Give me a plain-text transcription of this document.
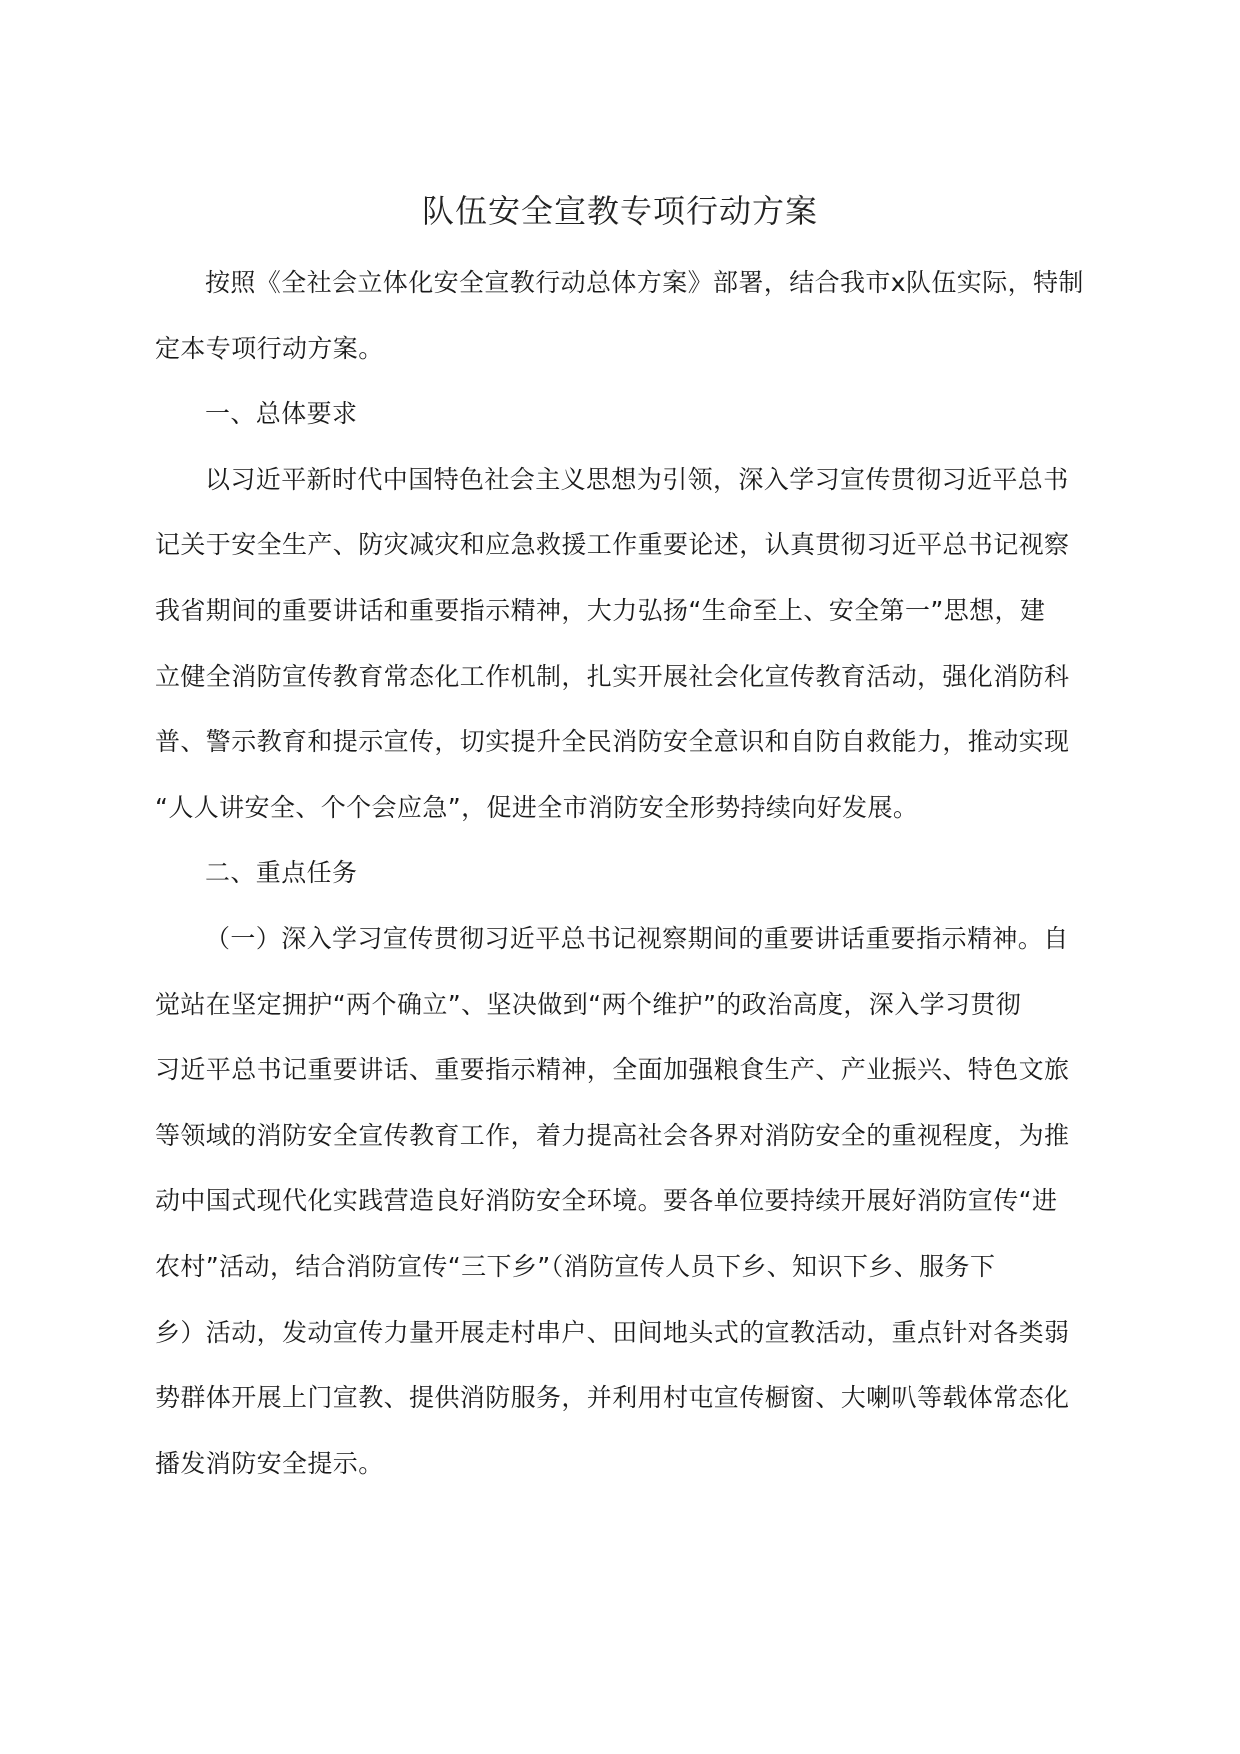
队伍安全宣教专项行动方案
按照《全社会立体化安全宣教行动总体方案》部署，结合我市x队伍实际，特制
定本专项行动方案。
一、总体要求
以习近平新时代中国特色社会主义思想为引领，深入学习宣传贯彻习近平总书
记关于安全生产、防灾减灾和应急救援工作重要论述，认真贯彻习近平总书记视察
我省期间的重要讲话和重要指示精神，大力弘扬“生命至上、安全第一”思想，建
立健全消防宣传教育常态化工作机制，扎实开展社会化宣传教育活动，强化消防科
普、警示教育和提示宣传，切实提升全民消防安全意识和自防自救能力，推动实现
“人人讲安全、个个会应急”，促进全市消防安全形势持续向好发展。
二、重点任务
（一）深入学习宣传贯彻习近平总书记视察期间的重要讲话重要指示精神。自
觉站在坚定拥护“两个确立”、坚决做到“两个维护”的政治高度，深入学习贯彻
习近平总书记重要讲话、重要指示精神，全面加强粮食生产、产业振兴、特色文旅
等领域的消防安全宣传教育工作，着力提高社会各界对消防安全的重视程度，为推
动中国式现代化实践营造良好消防安全环境。要各单位要持续开展好消防宣传“进
农村”活动，结合消防宣传“三下乡”（消防宣传人员下乡、知识下乡、服务下
乡）活动，发动宣传力量开展走村串户、田间地头式的宣教活动，重点针对各类弱
势群体开展上门宣教、提供消防服务，并利用村屯宣传橱窗、大喇叭等载体常态化
播发消防安全提示。
